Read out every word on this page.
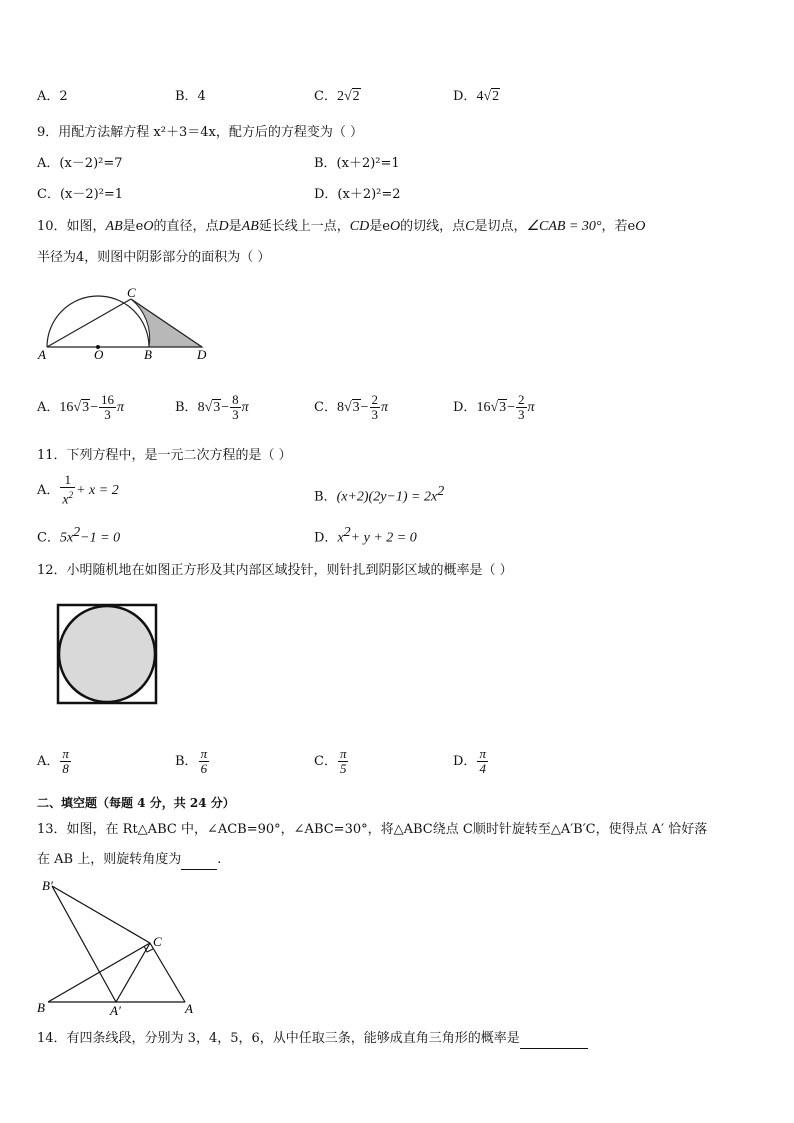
A．2	B．4	C．2√2	D．4√2
9．用配方法解方程 x²＋3＝4x，配方后的方程变为（ ）
A．(x－2)²=7	B．(x＋2)²=1
C．(x－2)²=1	D．(x＋2)²=2
10．如图，AB是eO的直径，点D是AB延长线上一点，CD是eO的切线，点C是切点，∠CAB = 30°，若eO
半径为4，则图中阴影部分的面积为（ ）
A	O	B	D
C
A．$16√3- \frac{16}{3}$ π	B．$8√3- \frac{8}{3}$ π	C．$8√3- \frac{2}{3}$ π	D．$16√3- \frac{2}{3}$ π
11．下列方程中，是一元二次方程的是（ ）
A． $\frac{1}{x^2} + x = 2$	B．$(x+2)(2y-1) = 2x^2$
C．$5x^2-1 = 0$	D．$x^2+ y + 2 = 0$
12．小明随机地在如图正方形及其内部区域投针，则针扎到阴影区域的概率是（ ）
A． $\frac{\pi}{8}$	B． $\frac{\pi}{6}$	C． $\frac{\pi}{5}$	D． $\frac{\pi}{4}$
二、填空题（每题 4 分，共 24 分）
13．如图，在 Rt△ABC 中，∠ACB=90°，∠ABC=30°，将△ABC绕点 C顺时针旋转至△A′B′C，使得点 A′ 恰好落
在 AB 上，则旋转角度为	.
B′
C
B	A′	A
14．有四条线段，分别为 3，4，5，6，从中任取三条，能够成直角三角形的概率是
